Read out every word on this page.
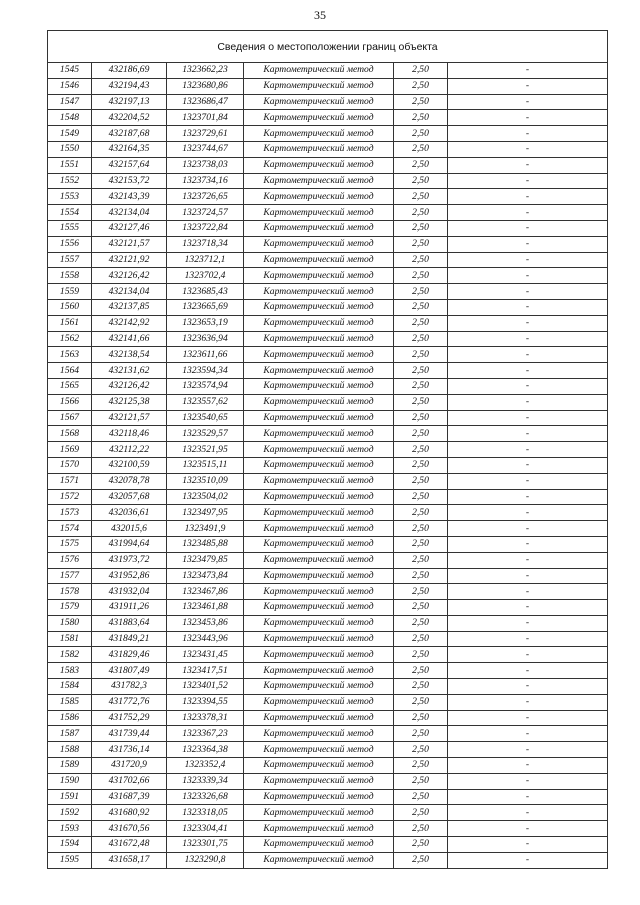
35
Сведения о местоположении границ объекта					
1545	432186,69	1323662,23	Картометрический метод	2,50	-
1546	432194,43	1323680,86	Картометрический метод	2,50	-
1547	432197,13	1323686,47	Картометрический метод	2,50	-
1548	432204,52	1323701,84	Картометрический метод	2,50	-
1549	432187,68	1323729,61	Картометрический метод	2,50	-
1550	432164,35	1323744,67	Картометрический метод	2,50	-
1551	432157,64	1323738,03	Картометрический метод	2,50	-
1552	432153,72	1323734,16	Картометрический метод	2,50	-
1553	432143,39	1323726,65	Картометрический метод	2,50	-
1554	432134,04	1323724,57	Картометрический метод	2,50	-
1555	432127,46	1323722,84	Картометрический метод	2,50	-
1556	432121,57	1323718,34	Картометрический метод	2,50	-
1557	432121,92	1323712,1	Картометрический метод	2,50	-
1558	432126,42	1323702,4	Картометрический метод	2,50	-
1559	432134,04	1323685,43	Картометрический метод	2,50	-
1560	432137,85	1323665,69	Картометрический метод	2,50	-
1561	432142,92	1323653,19	Картометрический метод	2,50	-
1562	432141,66	1323636,94	Картометрический метод	2,50	-
1563	432138,54	1323611,66	Картометрический метод	2,50	-
1564	432131,62	1323594,34	Картометрический метод	2,50	-
1565	432126,42	1323574,94	Картометрический метод	2,50	-
1566	432125,38	1323557,62	Картометрический метод	2,50	-
1567	432121,57	1323540,65	Картометрический метод	2,50	-
1568	432118,46	1323529,57	Картометрический метод	2,50	-
1569	432112,22	1323521,95	Картометрический метод	2,50	-
1570	432100,59	1323515,11	Картометрический метод	2,50	-
1571	432078,78	1323510,09	Картометрический метод	2,50	-
1572	432057,68	1323504,02	Картометрический метод	2,50	-
1573	432036,61	1323497,95	Картометрический метод	2,50	-
1574	432015,6	1323491,9	Картометрический метод	2,50	-
1575	431994,64	1323485,88	Картометрический метод	2,50	-
1576	431973,72	1323479,85	Картометрический метод	2,50	-
1577	431952,86	1323473,84	Картометрический метод	2,50	-
1578	431932,04	1323467,86	Картометрический метод	2,50	-
1579	431911,26	1323461,88	Картометрический метод	2,50	-
1580	431883,64	1323453,86	Картометрический метод	2,50	-
1581	431849,21	1323443,96	Картометрический метод	2,50	-
1582	431829,46	1323431,45	Картометрический метод	2,50	-
1583	431807,49	1323417,51	Картометрический метод	2,50	-
1584	431782,3	1323401,52	Картометрический метод	2,50	-
1585	431772,76	1323394,55	Картометрический метод	2,50	-
1586	431752,29	1323378,31	Картометрический метод	2,50	-
1587	431739,44	1323367,23	Картометрический метод	2,50	-
1588	431736,14	1323364,38	Картометрический метод	2,50	-
1589	431720,9	1323352,4	Картометрический метод	2,50	-
1590	431702,66	1323339,34	Картометрический метод	2,50	-
1591	431687,39	1323326,68	Картометрический метод	2,50	-
1592	431680,92	1323318,05	Картометрический метод	2,50	-
1593	431670,56	1323304,41	Картометрический метод	2,50	-
1594	431672,48	1323301,75	Картометрический метод	2,50	-
1595	431658,17	1323290,8	Картометрический метод	2,50	-
